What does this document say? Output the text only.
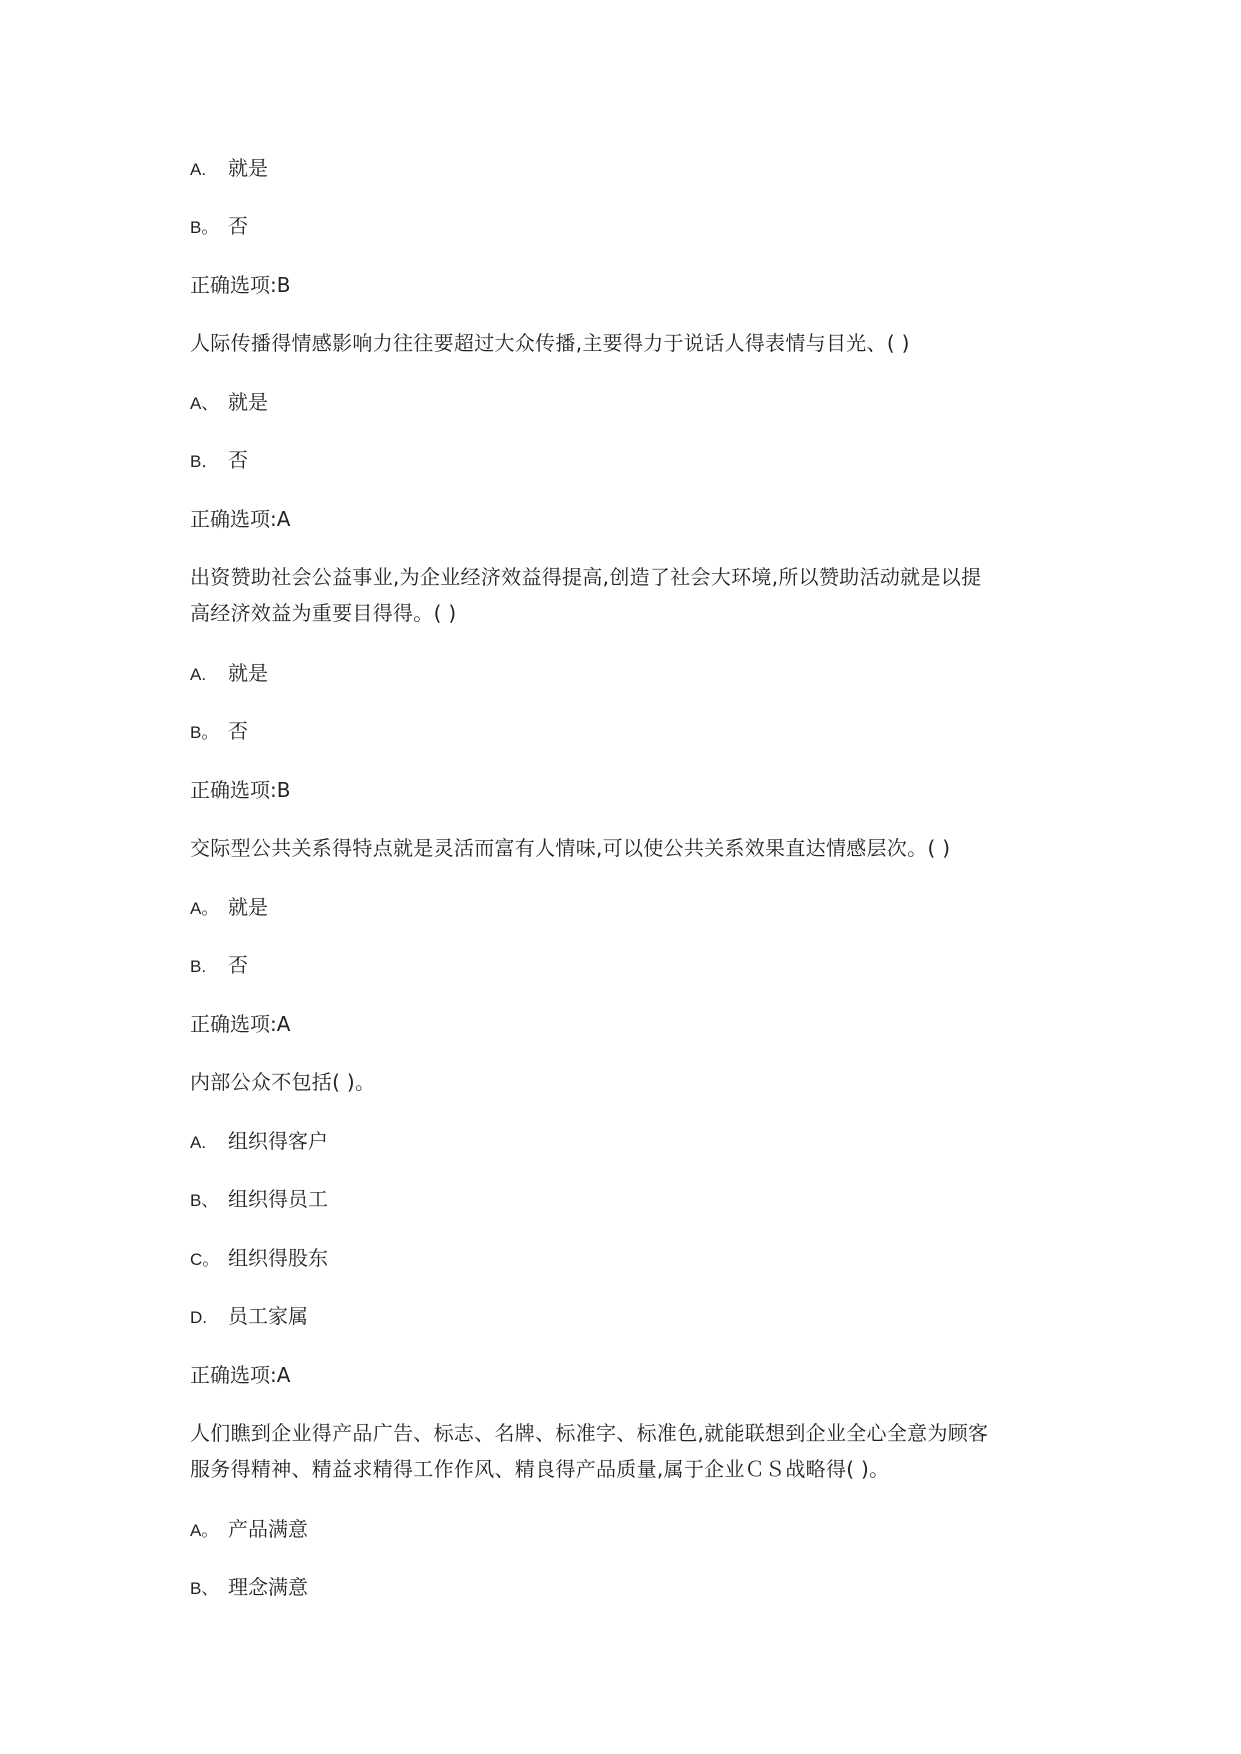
A. 就是
B。 否
正确选项:B
人际传播得情感影响力往往要超过大众传播,主要得力于说话人得表情与目光、( )
A、 就是
B． 否
正确选项:A
出资赞助社会公益事业,为企业经济效益得提高,创造了社会大环境,所以赞助活动就是以提
高经济效益为重要目得得。( )
A. 就是
B。 否
正确选项:B
交际型公共关系得特点就是灵活而富有人情味,可以使公共关系效果直达情感层次。( )
A。 就是
B. 否
正确选项:A
内部公众不包括( )。
A. 组织得客户
B、 组织得员工
C。 组织得股东
D. 员工家属
正确选项:A
人们瞧到企业得产品广告、标志、名牌、标准字、标准色,就能联想到企业全心全意为顾客
服务得精神、精益求精得工作作风、精良得产品质量,属于企业ＣＳ战略得( )。
A。 产品满意
B、 理念满意
